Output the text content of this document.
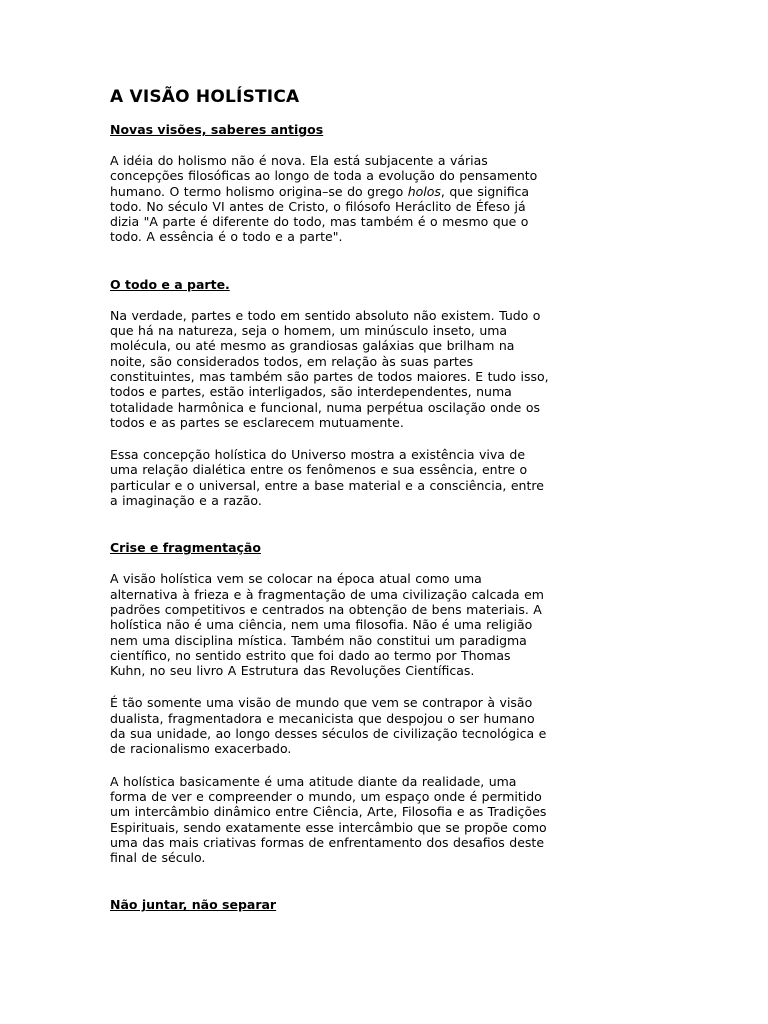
A VISÃO HOLÍSTICA
Novas visões, saberes antigos

A idéia do holismo não é nova. Ela está subjacente a várias concepções filosóficas ao longo de toda a evolução do pensamento humano. O termo holismo origina–se do grego holos, que significa todo. No século VI antes de Cristo, o filósofo Heráclito de Éfeso já dizia "A parte é diferente do todo, mas também é o mesmo que o todo. A essência é o todo e a parte".

O todo e a parte.

Na verdade, partes e todo em sentido absoluto não existem. Tudo o que há na natureza, seja o homem, um minúsculo inseto, uma molécula, ou até mesmo as grandiosas galáxias que brilham na noite, são considerados todos, em relação às suas partes constituintes, mas também são partes de todos maiores. E tudo isso, todos e partes, estão interligados, são interdependentes, numa totalidade harmônica e funcional, numa perpétua oscilação onde os todos e as partes se esclarecem mutuamente.

Essa concepção holística do Universo mostra a existência viva de uma relação dialética entre os fenômenos e sua essência, entre o particular e o universal, entre a base material e a consciência, entre a imaginação e a razão.

Crise e fragmentação

A visão holística vem se colocar na época atual como uma alternativa à frieza e à fragmentação de uma civilização calcada em padrões competitivos e centrados na obtenção de bens materiais. A holística não é uma ciência, nem uma filosofia. Não é uma religião nem uma disciplina mística. Também não constitui um paradigma científico, no sentido estrito que foi dado ao termo por Thomas Kuhn, no seu livro A Estrutura das Revoluções Científicas.

É tão somente uma visão de mundo que vem se contrapor à visão dualista, fragmentadora e mecanicista que despojou o ser humano da sua unidade, ao longo desses séculos de civilização tecnológica e de racionalismo exacerbado.

A holística basicamente é uma atitude diante da realidade, uma forma de ver e compreender o mundo, um espaço onde é permitido um intercâmbio dinâmico entre Ciência, Arte, Filosofia e as Tradições Espirituais, sendo exatamente esse intercâmbio que se propõe como uma das mais criativas formas de enfrentamento dos desafios deste final de século.

Não juntar, não separar
